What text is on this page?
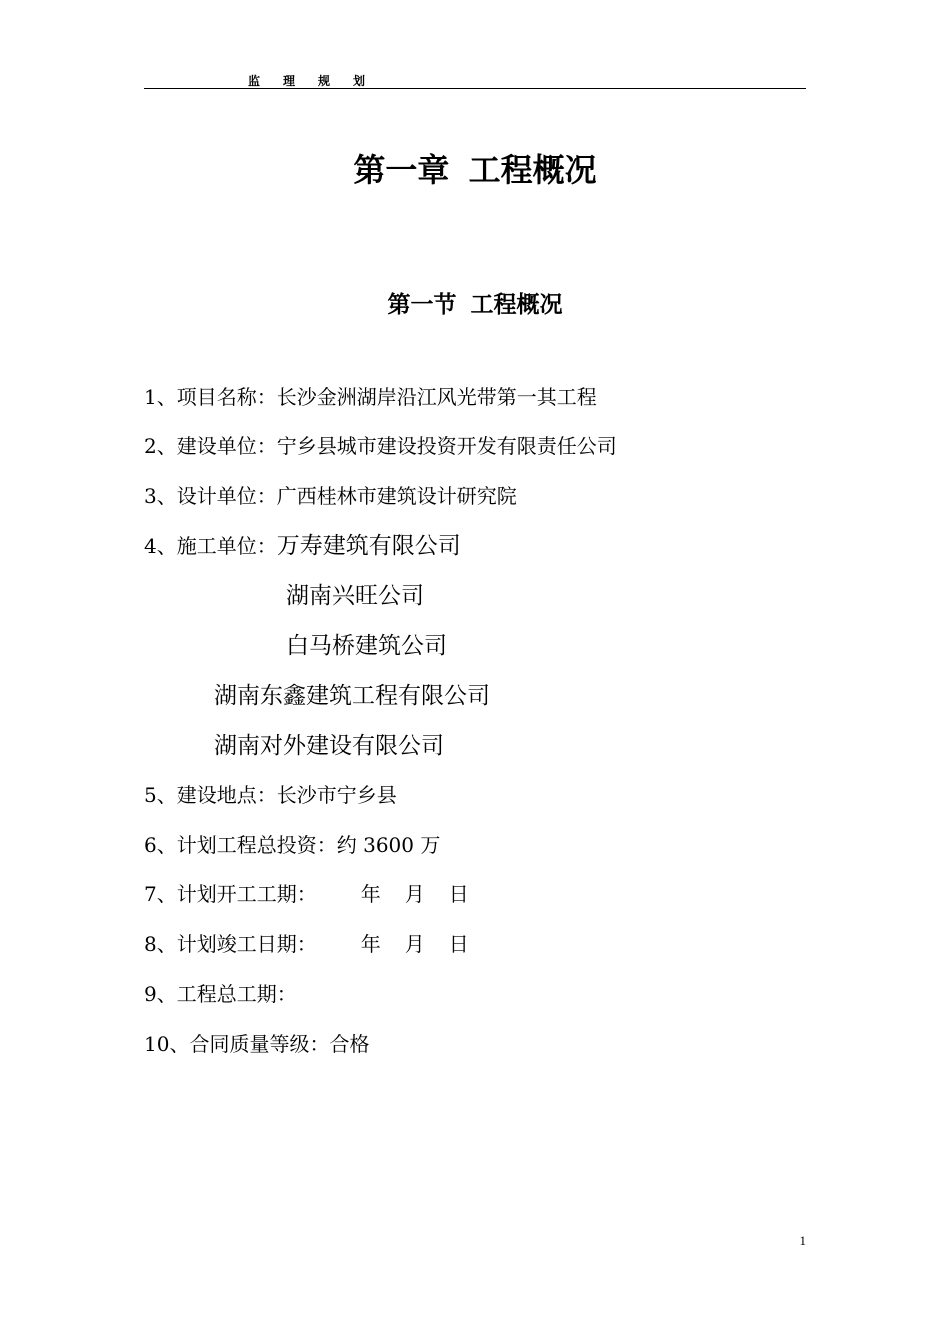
监 理 规 划
第一章 工程概况
第一节 工程概况
1、项目名称：长沙金洲湖岸沿江风光带第一其工程
2、建设单位：宁乡县城市建设投资开发有限责任公司
3、设计单位：广西桂林市建筑设计研究院
4、施工单位：万寿建筑有限公司
湖南兴旺公司
白马桥建筑公司
湖南东鑫建筑工程有限公司
湖南对外建设有限公司
5、建设地点：长沙市宁乡县
6、计划工程总投资：约 3600 万
7、计划开工工期： 年 月 日
8、计划竣工日期： 年 月 日
9、工程总工期：
10、合同质量等级：合格
1
